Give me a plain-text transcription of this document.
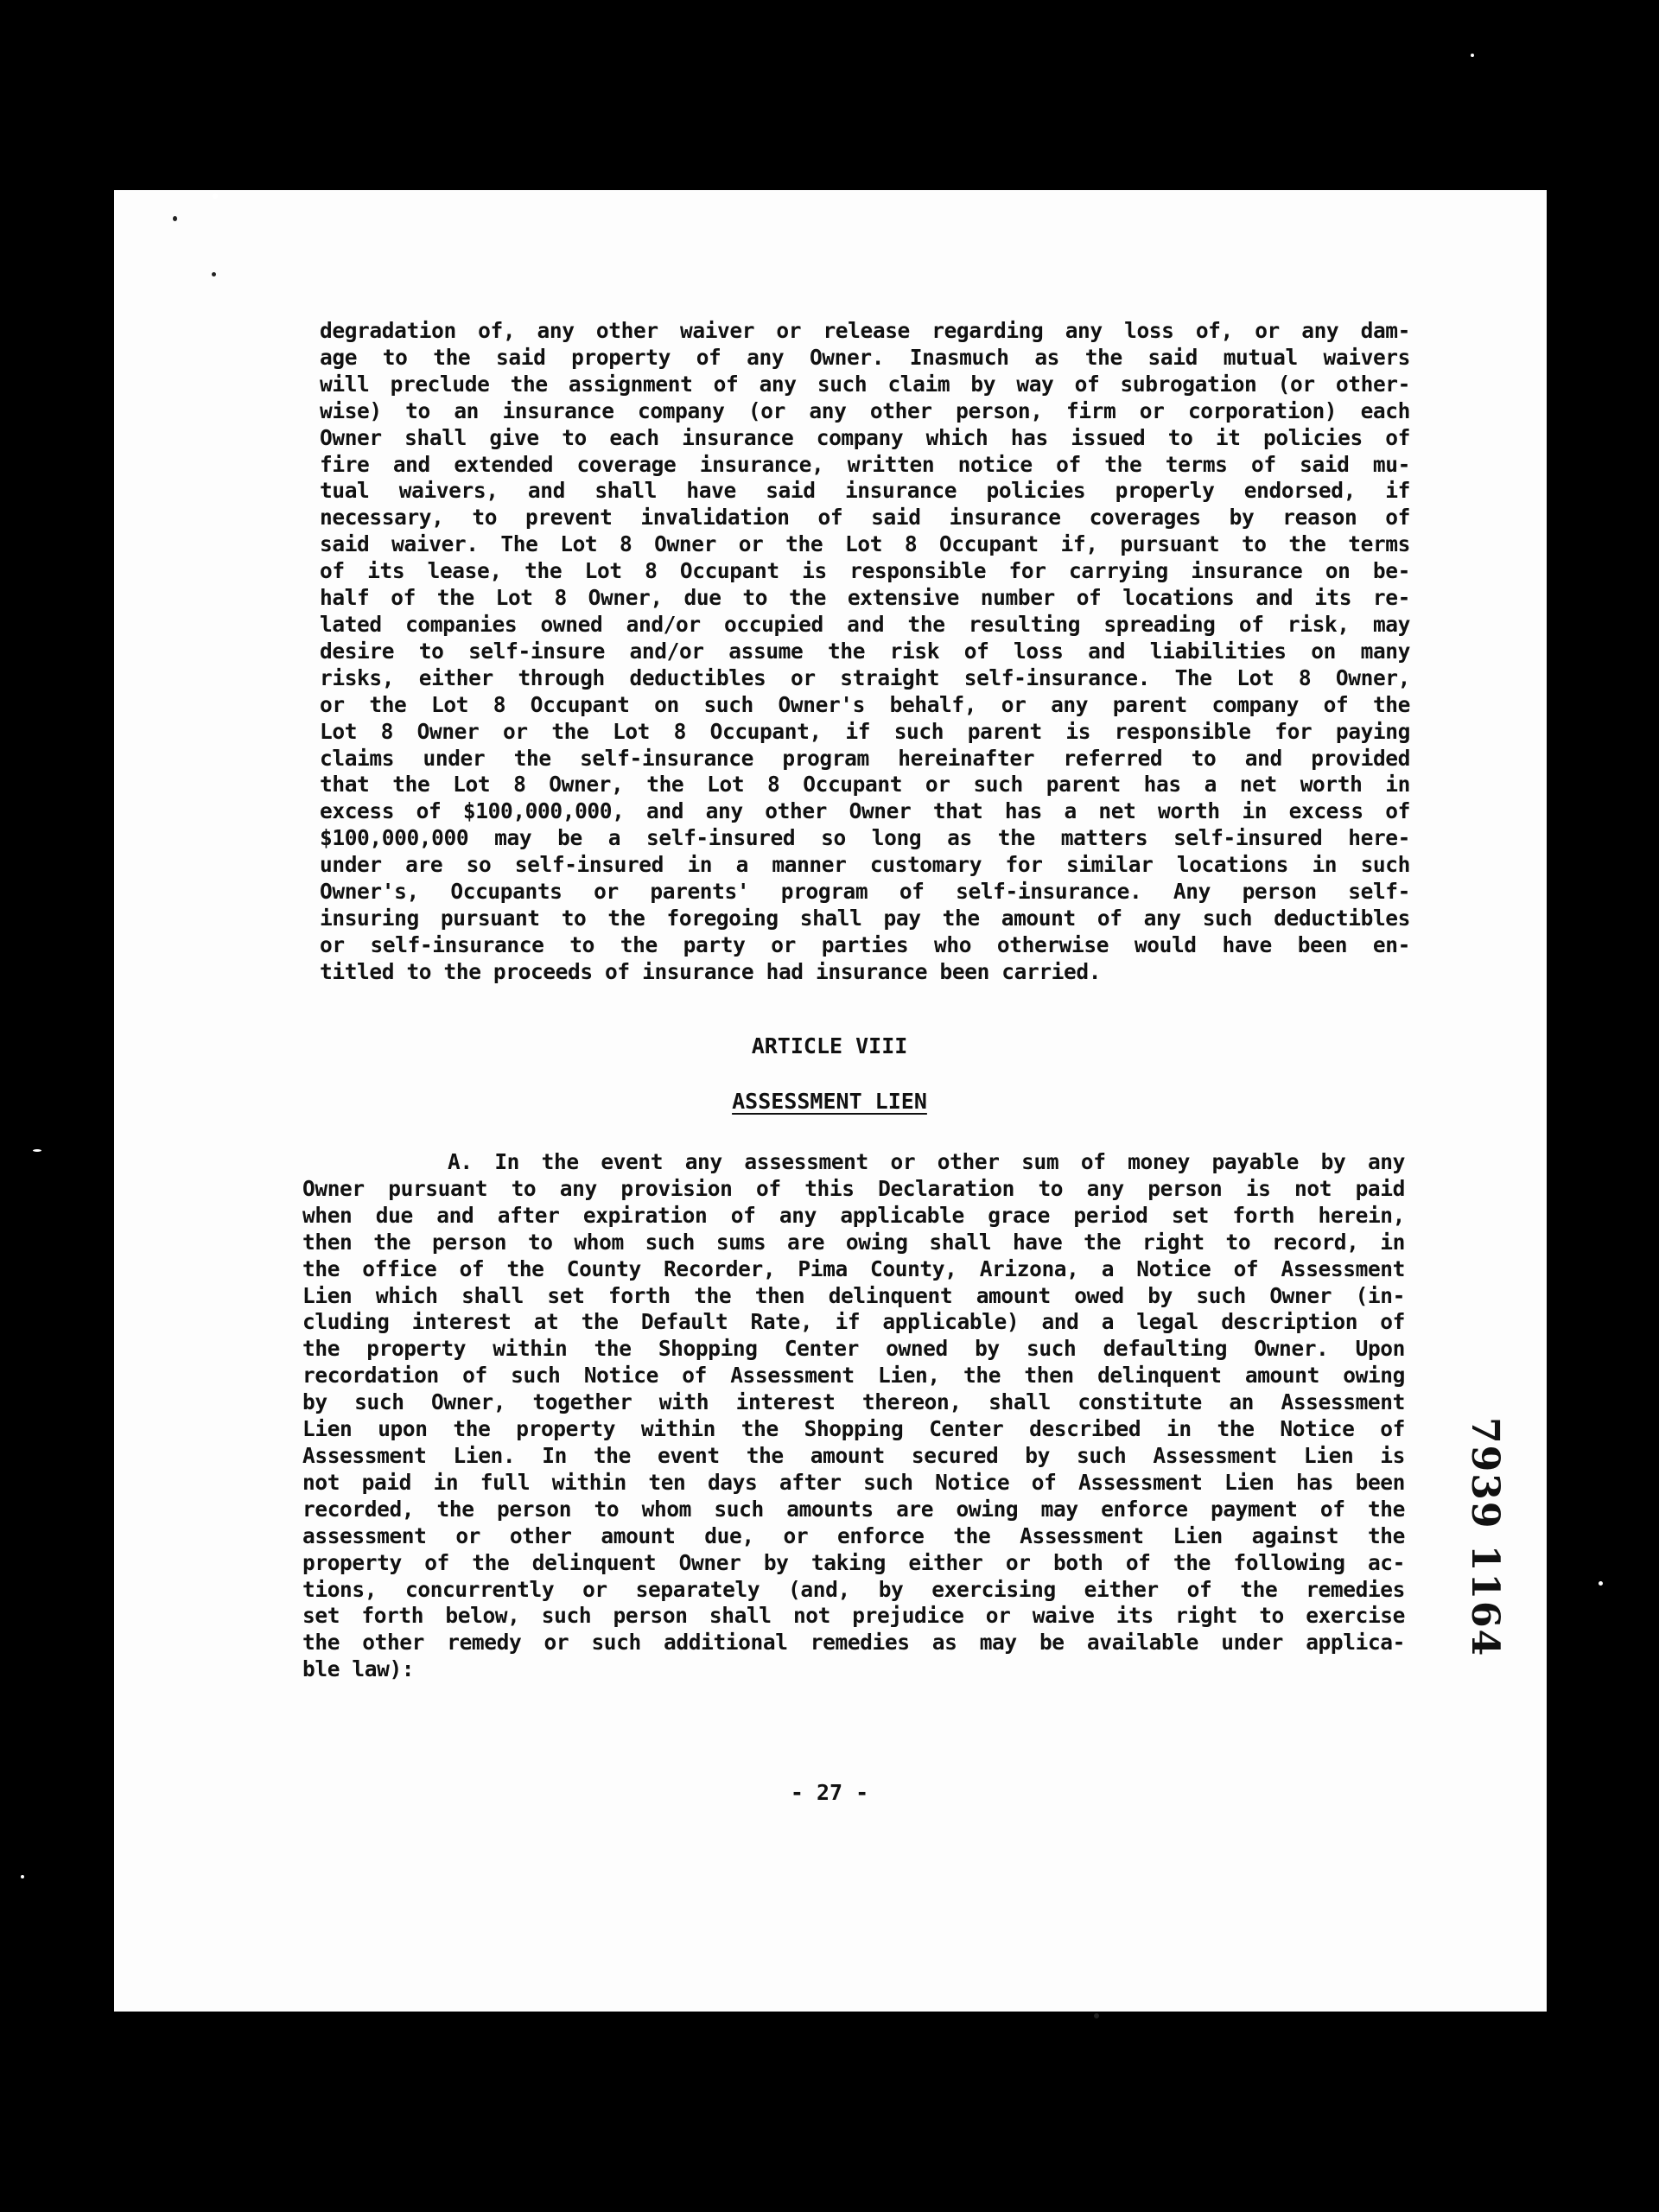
degradation of, any other waiver or release regarding any loss of, or any dam-
age to the said property of any Owner. Inasmuch as the said mutual waivers
will preclude the assignment of any such claim by way of subrogation (or other-
wise) to an insurance company (or any other person, firm or corporation) each
Owner shall give to each insurance company which has issued to it policies of
fire and extended coverage insurance, written notice of the terms of said mu-
tual waivers, and shall have said insurance policies properly endorsed, if
necessary, to prevent invalidation of said insurance coverages by reason of
said waiver. The Lot 8 Owner or the Lot 8 Occupant if, pursuant to the terms
of its lease, the Lot 8 Occupant is responsible for carrying insurance on be-
half of the Lot 8 Owner, due to the extensive number of locations and its re-
lated companies owned and/or occupied and the resulting spreading of risk, may
desire to self-insure and/or assume the risk of loss and liabilities on many
risks, either through deductibles or straight self-insurance. The Lot 8 Owner,
or the Lot 8 Occupant on such Owner's behalf, or any parent company of the
Lot 8 Owner or the Lot 8 Occupant, if such parent is responsible for paying
claims under the self-insurance program hereinafter referred to and provided
that the Lot 8 Owner, the Lot 8 Occupant or such parent has a net worth in
excess of $100,000,000, and any other Owner that has a net worth in excess of
$100,000,000 may be a self-insured so long as the matters self-insured here-
under are so self-insured in a manner customary for similar locations in such
Owner's, Occupants or parents' program of self-insurance. Any person self-
insuring pursuant to the foregoing shall pay the amount of any such deductibles
or self-insurance to the party or parties who otherwise would have been en-
titled to the proceeds of insurance had insurance been carried.
ARTICLE VIII
ASSESSMENT LIEN
A. In the event any assessment or other sum of money payable by any
Owner pursuant to any provision of this Declaration to any person is not paid
when due and after expiration of any applicable grace period set forth herein,
then the person to whom such sums are owing shall have the right to record, in
the office of the County Recorder, Pima County, Arizona, a Notice of Assessment
Lien which shall set forth the then delinquent amount owed by such Owner (in-
cluding interest at the Default Rate, if applicable) and a legal description of
the property within the Shopping Center owned by such defaulting Owner. Upon
recordation of such Notice of Assessment Lien, the then delinquent amount owing
by such Owner, together with interest thereon, shall constitute an Assessment
Lien upon the property within the Shopping Center described in the Notice of
Assessment Lien. In the event the amount secured by such Assessment Lien is
not paid in full within ten days after such Notice of Assessment Lien has been
recorded, the person to whom such amounts are owing may enforce payment of the
assessment or other amount due, or enforce the Assessment Lien against the
property of the delinquent Owner by taking either or both of the following ac-
tions, concurrently or separately (and, by exercising either of the remedies
set forth below, such person shall not prejudice or waive its right to exercise
the other remedy or such additional remedies as may be available under applica-
ble law):
- 27 -
7939 1164
